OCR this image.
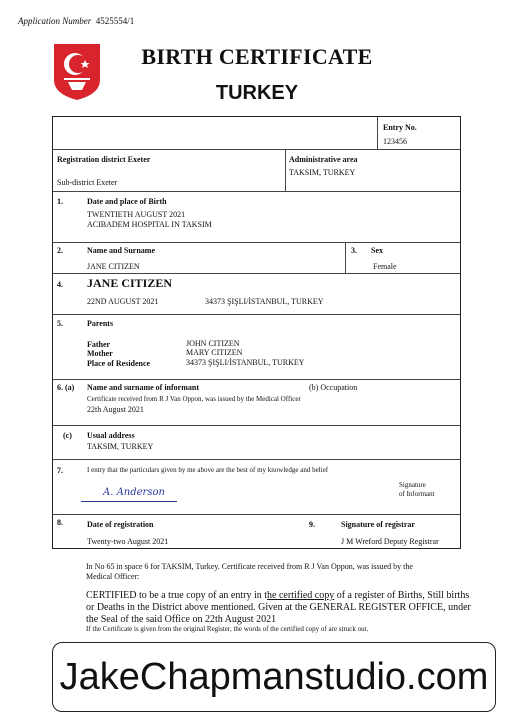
Application Number 4525554/1
BIRTH CERTIFICATE
TURKEY
Entry No.
123456
Registration district Exeter
Sub-district Exeter
Administrative area
TAKSIM, TURKEY
1.	Date and place of Birth
TWENTIETH AUGUST 2021
ACIBADEM HOSPITAL IN TAKSIM
2.	Name and Surname
JANE CITIZEN
3. Sex
Female
4. JANE CITIZEN
22ND AUGUST 2021	34373 ŞIŞLI/İSTANBUL, TURKEY
5.	Parents
Father	JOHN CITIZEN
Mother	MARY CITIZEN
Place of Residence	34373 ŞIŞLI/İSTANBUL, TURKEY
6. (a) Name and surname of informant	(b) Occupation
Certificate received from R J Van Oppon, was issued by the Medical Officer
22th August 2021
(c) Usual address
TAKSIM, TURKEY
7.	I entry that the particulars given by me above are the best of my knowledge and belief
A. Anderson
Signature
of Informant
8.	Date of registration
Twenty-two August 2021
9.	Signature of registrar
J M Wreford Deputy Registrar
In No 65 in space 6 for TAKSIM, Turkey. Certificate received from R J Van Oppon, was issued by the
Medical Officer:
CERTIFIED to be a true copy of an entry in the certified copy of a register of Births, Still births
or Deaths in the District above mentioned. Given at the GENERAL REGISTER OFFICE, under
the Seal of the said Office on 22th August 2021
If the Certificate is given from the original Register, the words of the certified copy of are struck out.
JakeChapmanstudio.com
